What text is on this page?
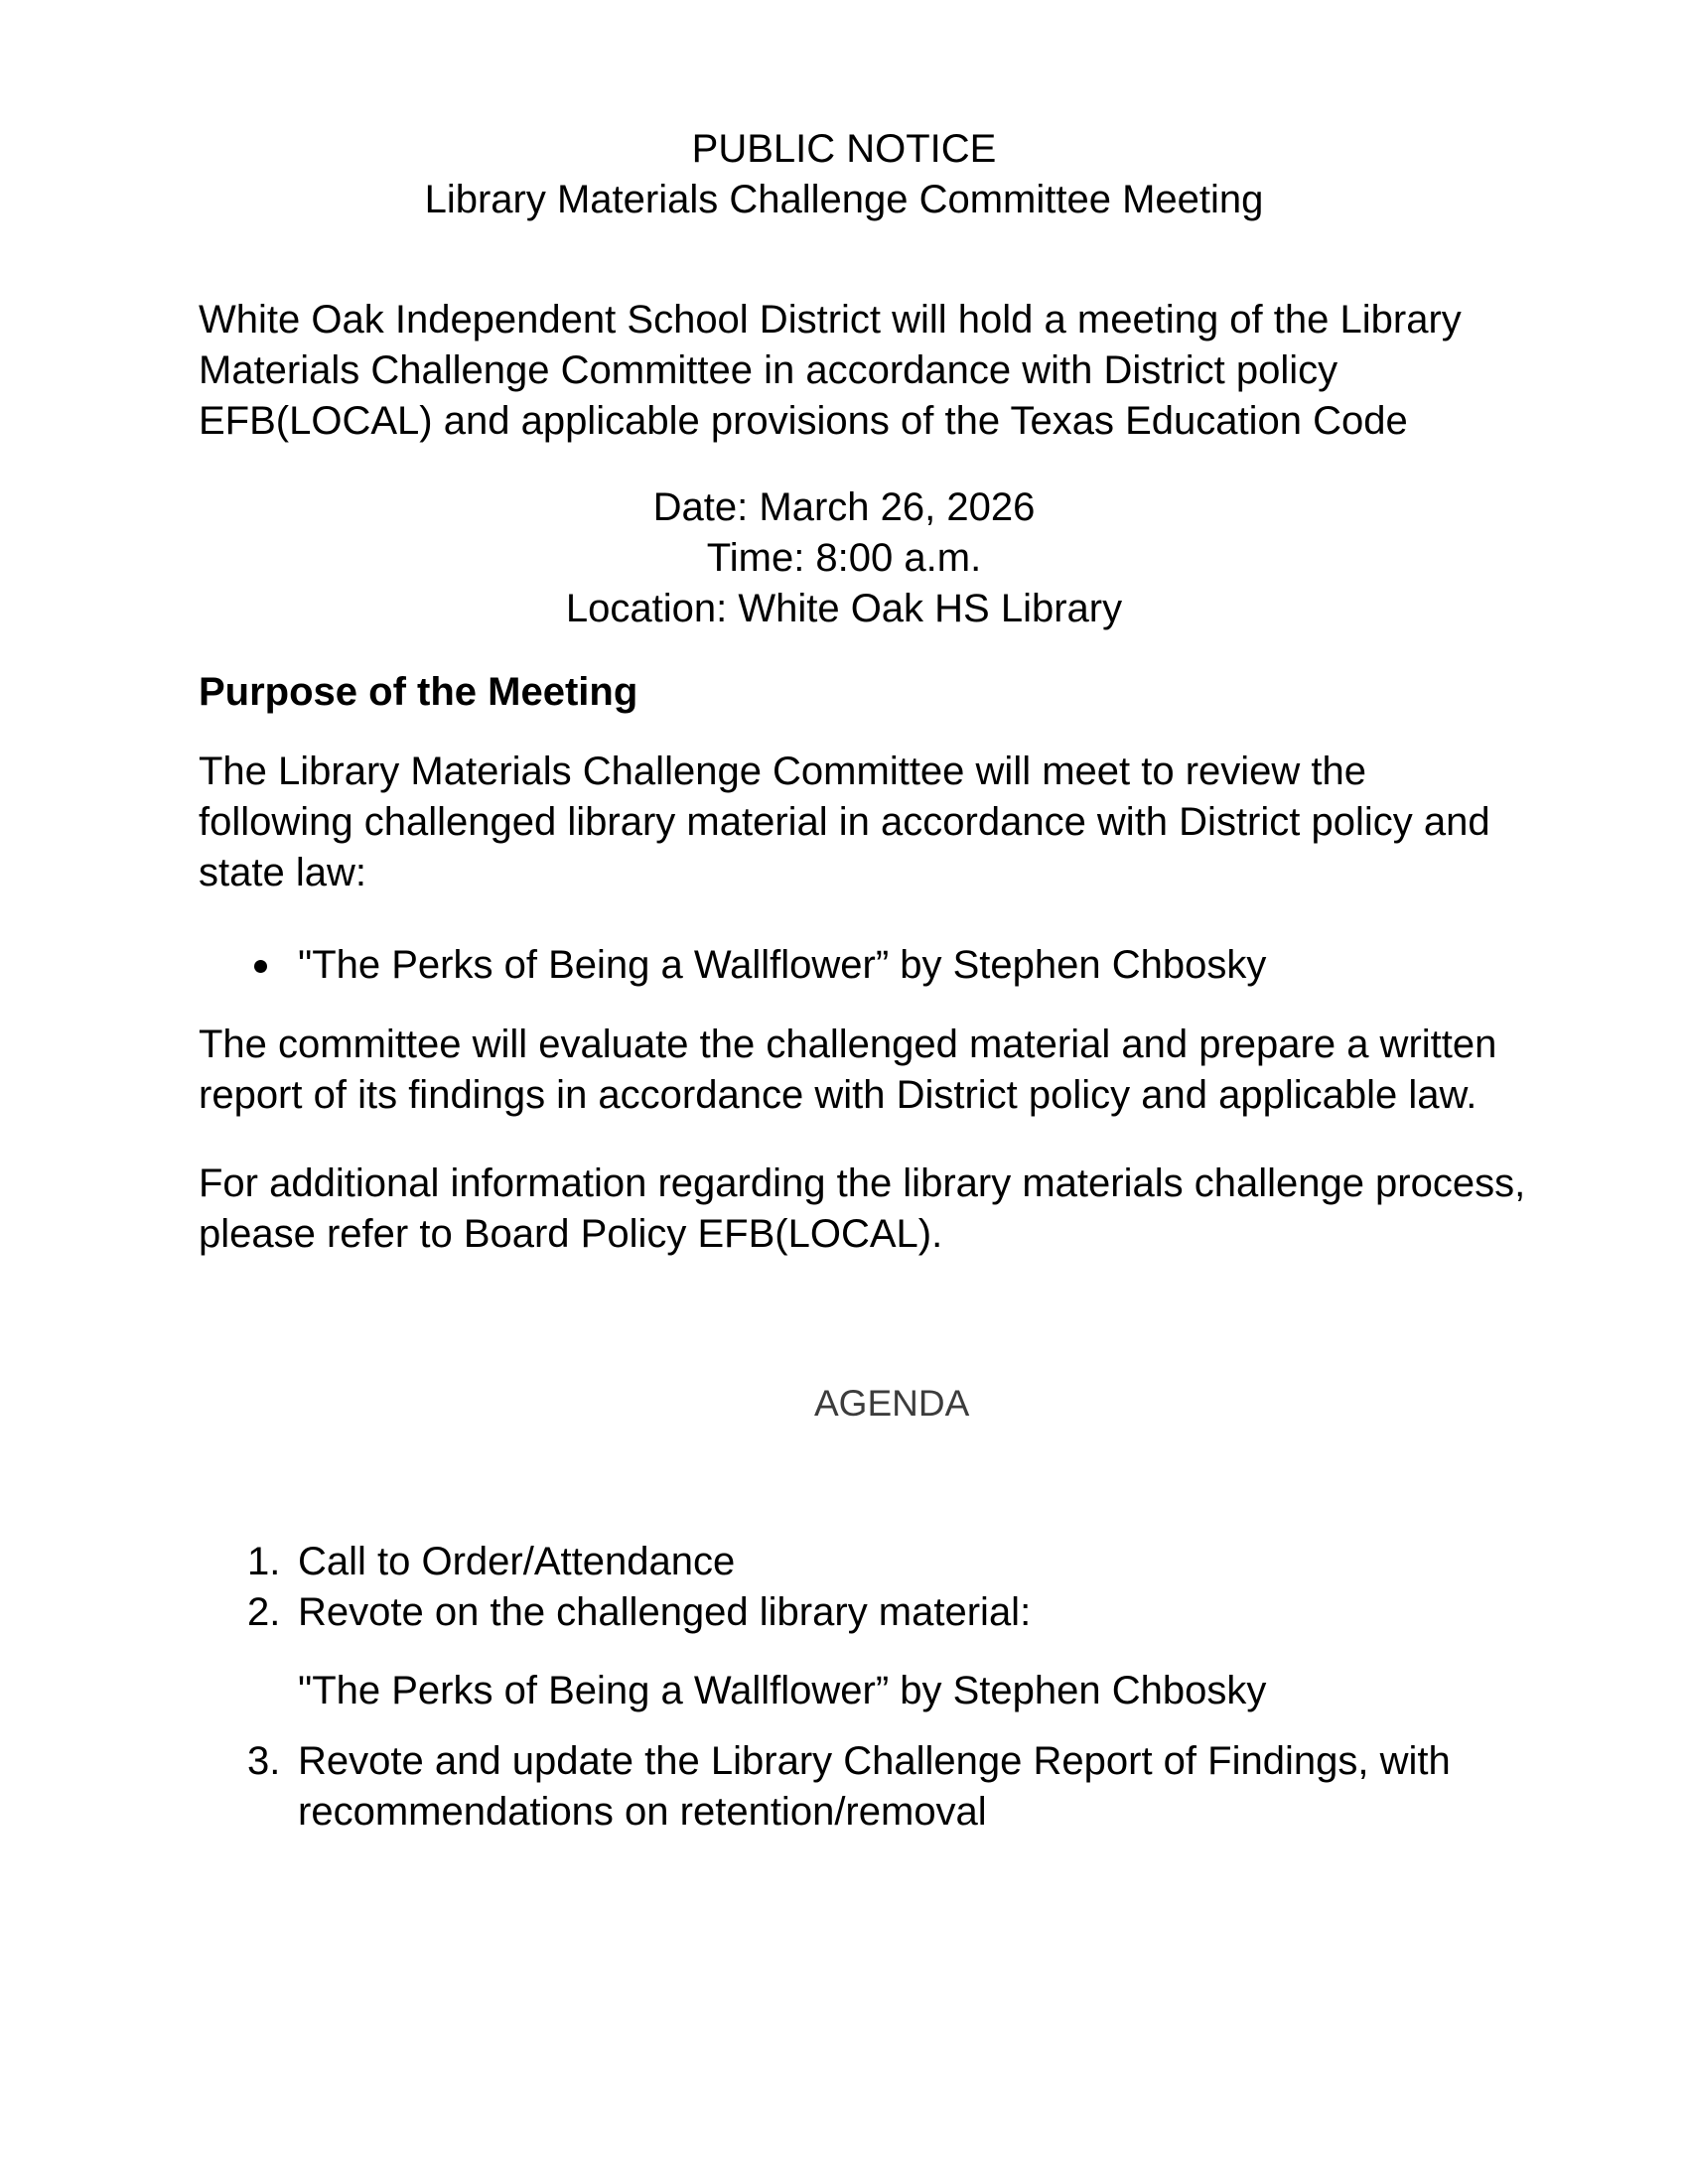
PUBLIC NOTICE
Library Materials Challenge Committee Meeting
White Oak Independent School District will hold a meeting of the Library
Materials Challenge Committee in accordance with District policy
EFB(LOCAL) and applicable provisions of the Texas Education Code
Date: March 26, 2026
Time: 8:00 a.m.
Location: White Oak HS Library
Purpose of the Meeting
The Library Materials Challenge Committee will meet to review the
following challenged library material in accordance with District policy and
state law:
"The Perks of Being a Wallflower” by Stephen Chbosky
The committee will evaluate the challenged material and prepare a written
report of its findings in accordance with District policy and applicable law.
For additional information regarding the library materials challenge process,
please refer to Board Policy EFB(LOCAL).
AGENDA
1. Call to Order/Attendance
2. Revote on the challenged library material:
"The Perks of Being a Wallflower” by Stephen Chbosky
3. Revote and update the Library Challenge Report of Findings, with
recommendations on retention/removal
